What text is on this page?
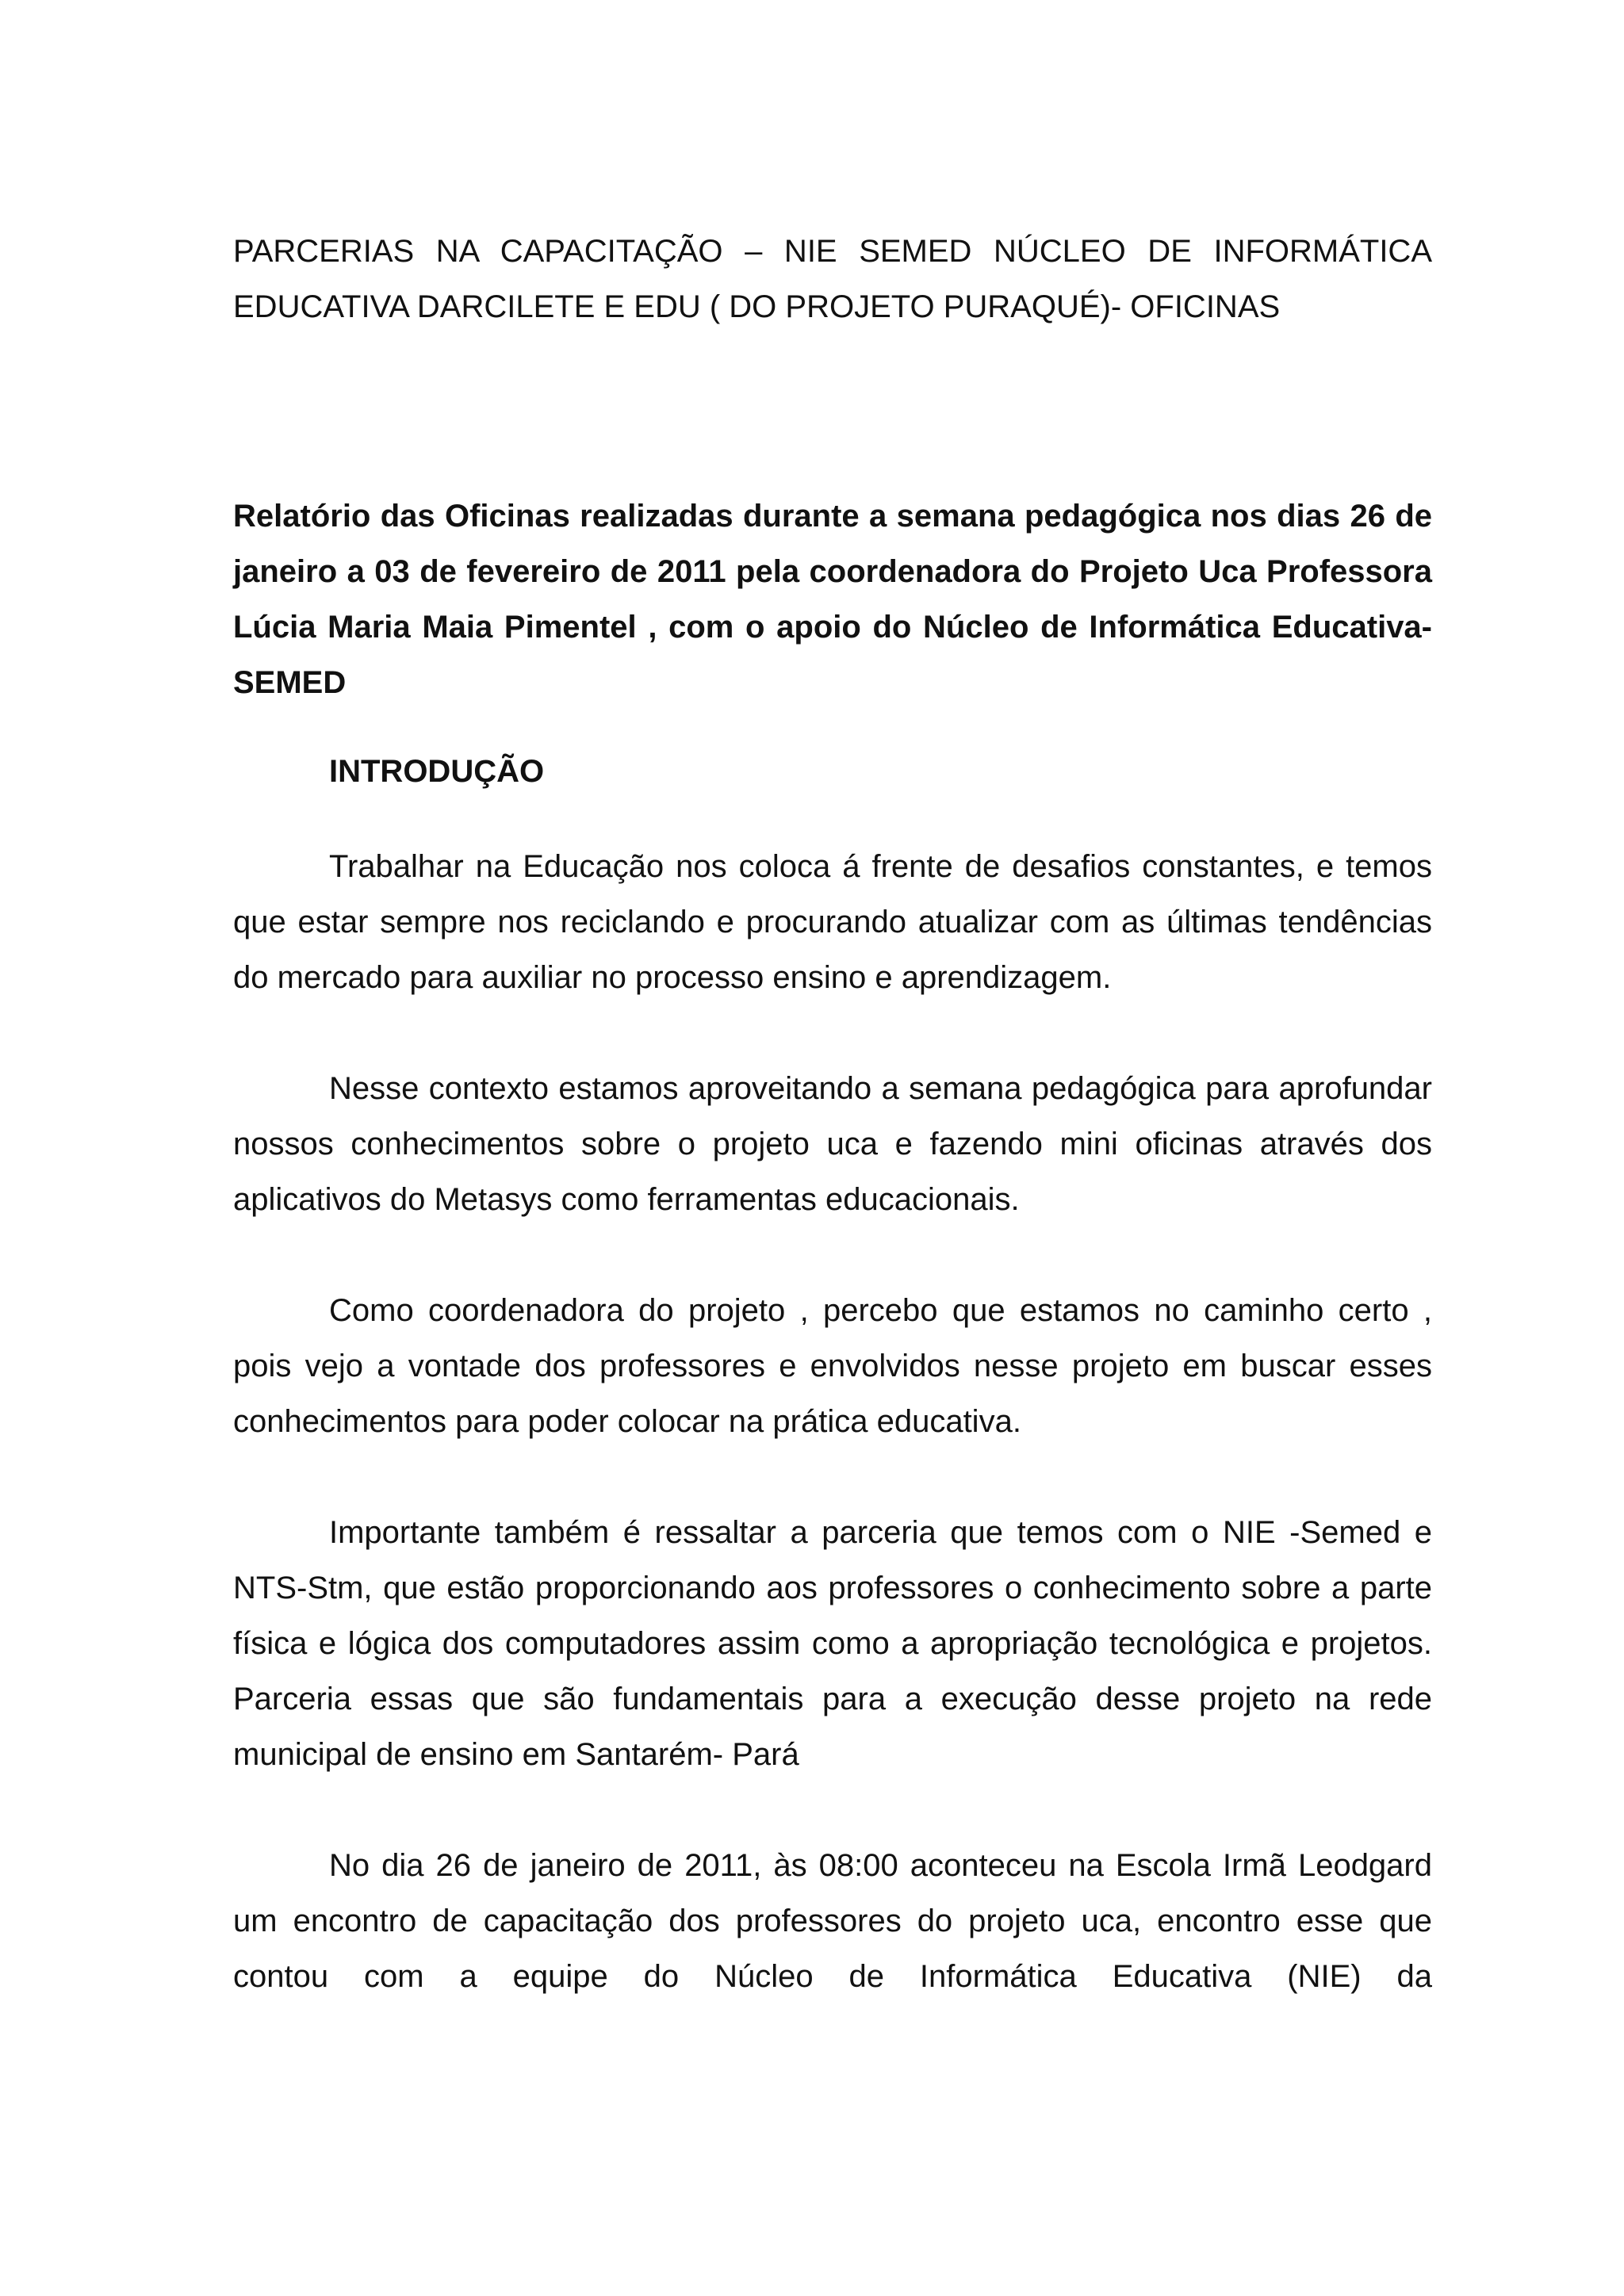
PARCERIAS NA CAPACITAÇÃO – NIE SEMED NÚCLEO DE INFORMÁTICA EDUCATIVA DARCILETE E EDU ( DO PROJETO PURAQUÉ)- OFICINAS

Relatório das Oficinas realizadas durante a semana pedagógica nos dias 26 de janeiro a 03 de fevereiro de 2011 pela coordenadora do Projeto Uca Professora Lúcia Maria Maia Pimentel , com o apoio do Núcleo de Informática Educativa-SEMED
INTRODUÇÃO

Trabalhar na Educação nos coloca á frente de desafios constantes, e temos que estar sempre nos reciclando e procurando atualizar com as últimas tendências do mercado para auxiliar no processo ensino e aprendizagem.

Nesse contexto estamos aproveitando a semana pedagógica para aprofundar nossos conhecimentos sobre o projeto uca e fazendo mini oficinas através dos aplicativos do Metasys como ferramentas educacionais.

Como coordenadora do projeto , percebo que estamos no caminho certo , pois vejo a vontade dos professores e envolvidos nesse projeto em buscar esses conhecimentos para poder colocar na prática educativa.

Importante também é ressaltar a parceria que temos com o NIE -Semed e NTS-Stm, que estão proporcionando aos professores o conhecimento sobre a parte física e lógica dos computadores assim como a apropriação tecnológica e projetos. Parceria essas que são fundamentais para a execução desse projeto na rede municipal de ensino em Santarém- Pará

No dia 26 de janeiro de 2011, às 08:00 aconteceu na Escola Irmã Leodgard um encontro de capacitação dos professores do projeto uca, encontro esse que contou com a equipe do Núcleo de Informática Educativa (NIE) da
